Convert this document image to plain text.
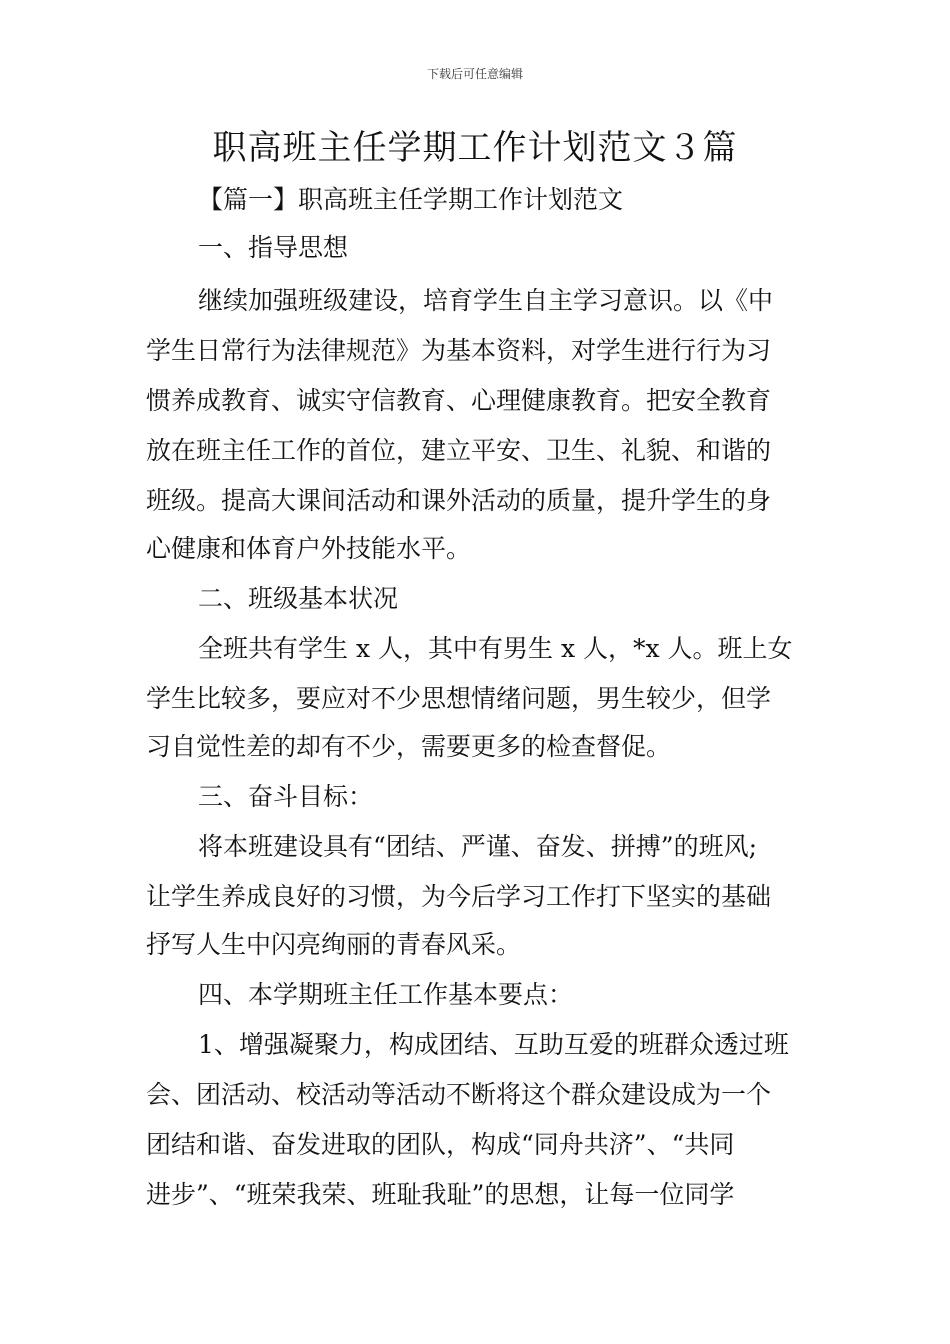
下载后可任意编辑
职高班主任学期工作计划范文３篇
【篇一】职高班主任学期工作计划范文
一、指导思想
继续加强班级建设，培育学生自主学习意识。以《中
学生日常行为法律规范》为基本资料，对学生进行行为习
惯养成教育、诚实守信教育、心理健康教育。把安全教育
放在班主任工作的首位，建立平安、卫生、礼貌、和谐的
班级。提高大课间活动和课外活动的质量，提升学生的身
心健康和体育户外技能水平。
二、班级基本状况
全班共有学生 x 人，其中有男生 x 人，*x 人。班上女
学生比较多，要应对不少思想情绪问题，男生较少，但学
习自觉性差的却有不少，需要更多的检查督促。
三、奋斗目标：
将本班建设具有“团结、严谨、奋发、拼搏”的班风;
让学生养成良好的习惯，为今后学习工作打下坚实的基础
抒写人生中闪亮绚丽的青春风采。
四、本学期班主任工作基本要点：
1、增强凝聚力，构成团结、互助互爱的班群众透过班
会、团活动、校活动等活动不断将这个群众建设成为一个
团结和谐、奋发进取的团队，构成“同舟共济”、“共同
进步”、“班荣我荣、班耻我耻”的思想，让每一位同学
